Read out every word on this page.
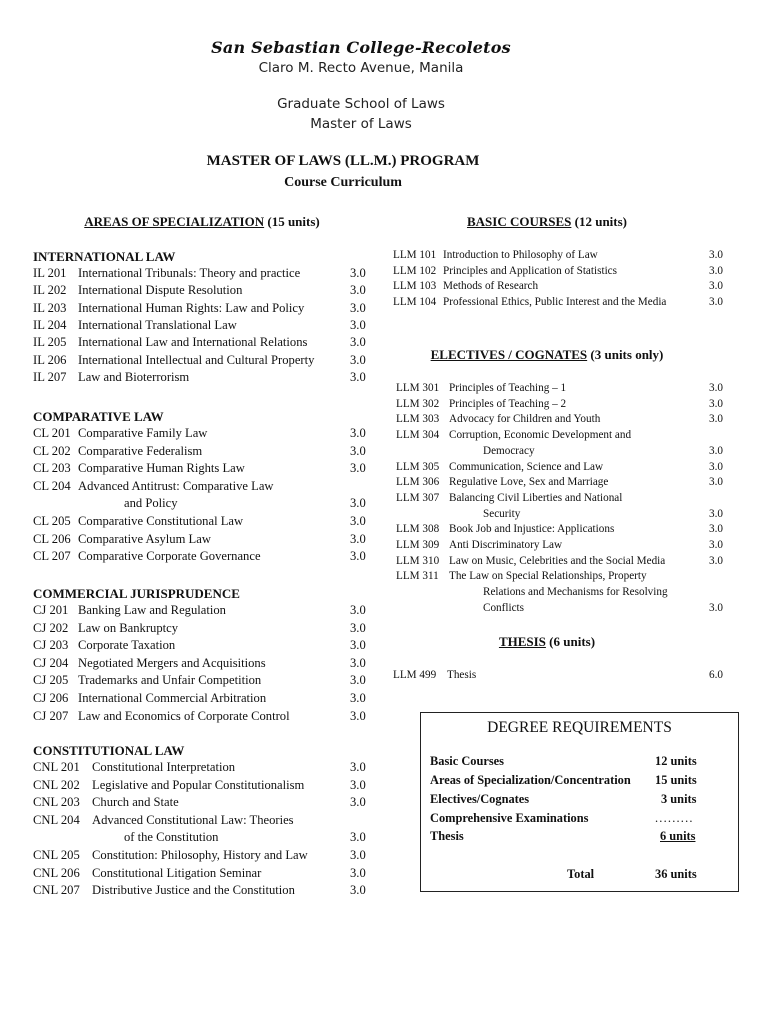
San Sebastian College-Recoletos
Claro M. Recto Avenue, Manila
Graduate School of Laws
Master of Laws
MASTER OF LAWS (LL.M.) PROGRAM
Course Curriculum
AREAS OF SPECIALIZATION (15 units)	BASIC COURSES (12 units)
ELECTIVES / COGNATES (3 units only)
THESIS (6 units)
INTERNATIONAL LAW
COMPARATIVE LAW
COMMERCIAL JURISPRUDENCE
CONSTITUTIONAL LAW
IL 201 International Tribunals: Theory and practice	3.0
IL 202 International Dispute Resolution	3.0
IL 203 International Human Rights: Law and Policy	3.0
IL 204 International Translational Law	3.0
IL 205 International Law and International Relations	3.0
IL 206 International Intellectual and Cultural Property	3.0
IL 207 Law and Bioterrorism	3.0
CL 201 Comparative Family Law	3.0
CL 202 Comparative Federalism	3.0
CL 203 Comparative Human Rights Law	3.0
CL 204 Advanced Antitrust: Comparative Law
and Policy	3.0
CL 205 Comparative Constitutional Law	3.0
CL 206 Comparative Asylum Law	3.0
CL 207 Comparative Corporate Governance	3.0
CJ 201 Banking Law and Regulation	3.0
CJ 202 Law on Bankruptcy	3.0
CJ 203 Corporate Taxation	3.0
CJ 204 Negotiated Mergers and Acquisitions	3.0
CJ 205 Trademarks and Unfair Competition	3.0
CJ 206 International Commercial Arbitration	3.0
CJ 207 Law and Economics of Corporate Control	3.0
CNL 201 Constitutional Interpretation	3.0
CNL 202 Legislative and Popular Constitutionalism	3.0
CNL 203 Church and State	3.0
CNL 204 Advanced Constitutional Law: Theories
of the Constitution	3.0
CNL 205 Constitution: Philosophy, History and Law	3.0
CNL 206 Constitutional Litigation Seminar	3.0
CNL 207 Distributive Justice and the Constitution	3.0
LLM 101 Introduction to Philosophy of Law	3.0
LLM 102 Principles and Application of Statistics	3.0
LLM 103 Methods of Research	3.0
LLM 104 Professional Ethics, Public Interest and the Media	3.0
LLM 301 Principles of Teaching – 1	3.0
LLM 302 Principles of Teaching – 2	3.0
LLM 303 Advocacy for Children and Youth	3.0
LLM 304 Corruption, Economic Development and
Democracy	3.0
LLM 305 Communication, Science and Law	3.0
LLM 306 Regulative Love, Sex and Marriage	3.0
LLM 307 Balancing Civil Liberties and National
Security	3.0
LLM 308 Book Job and Injustice: Applications	3.0
LLM 309 Anti Discriminatory Law	3.0
LLM 310 Law on Music, Celebrities and the Social Media	3.0
LLM 311 The Law on Special Relationships, Property
Relations and Mechanisms for Resolving
Conflicts	3.0
LLM 499 Thesis	6.0
DEGREE REQUIREMENTS
Basic Courses	12 units
Areas of Specialization/Concentration 15 units
Electives/Cognates	3 units
Comprehensive Examinations	.........
Thesis	6 units
Total	36 units
